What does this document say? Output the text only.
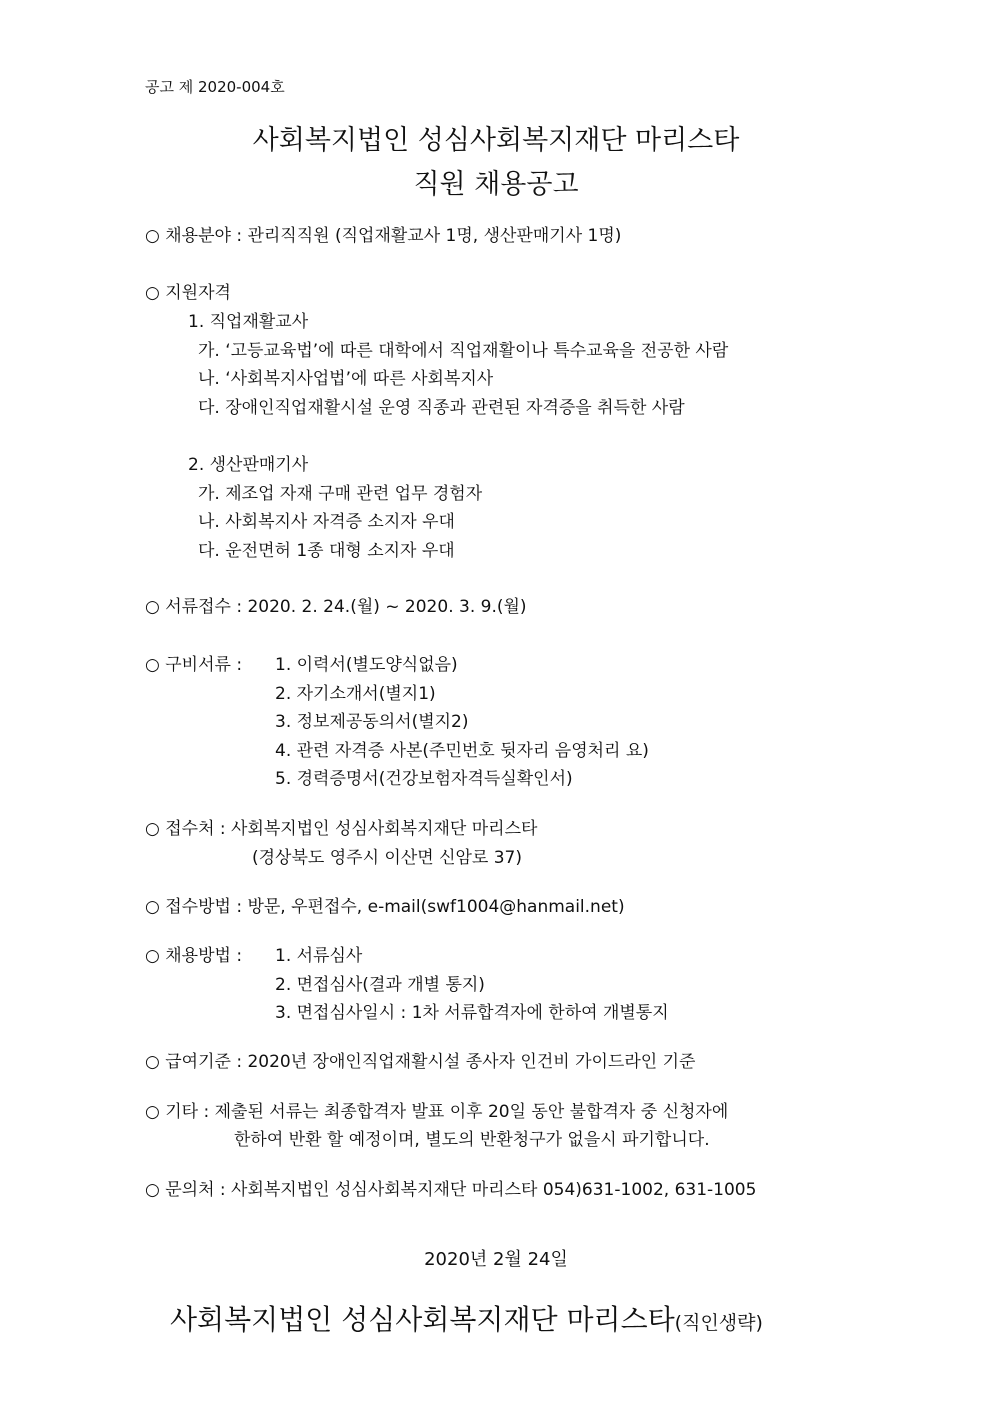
공고 제 2020-004호
사회복지법인 성심사회복지재단 마리스타
직원 채용공고
○ 채용분야 : 관리직직원 (직업재활교사 1명, 생산판매기사 1명)
○ 지원자격
1. 직업재활교사
가. ‘고등교육법’에 따른 대학에서 직업재활이나 특수교육을 전공한 사람
나. ‘사회복지사업법’에 따른 사회복지사
다. 장애인직업재활시설 운영 직종과 관련된 자격증을 취득한 사람
2. 생산판매기사
가. 제조업 자재 구매 관련 업무 경험자
나. 사회복지사 자격증 소지자 우대
다. 운전면허 1종 대형 소지자 우대
○ 서류접수 : 2020. 2. 24.(월) ~ 2020. 3. 9.(월)
○ 구비서류 : 1. 이력서(별도양식없음)
2. 자기소개서(별지1)
3. 정보제공동의서(별지2)
4. 관련 자격증 사본(주민번호 뒷자리 음영처리 요)
5. 경력증명서(건강보험자격득실확인서)
○ 접수처 : 사회복지법인 성심사회복지재단 마리스타
(경상북도 영주시 이산면 신암로 37)
○ 접수방법 : 방문, 우편접수, e-mail(swf1004@hanmail.net)
○ 채용방법 : 1. 서류심사
2. 면접심사(결과 개별 통지)
3. 면접심사일시 : 1차 서류합격자에 한하여 개별통지
○ 급여기준 : 2020년 장애인직업재활시설 종사자 인건비 가이드라인 기준
○ 기타 : 제출된 서류는 최종합격자 발표 이후 20일 동안 불합격자 중 신청자에
한하여 반환 할 예정이며, 별도의 반환청구가 없을시 파기합니다.
○ 문의처 : 사회복지법인 성심사회복지재단 마리스타 054)631-1002, 631-1005
2020년 2월 24일
사회복지법인 성심사회복지재단 마리스타(직인생략)
